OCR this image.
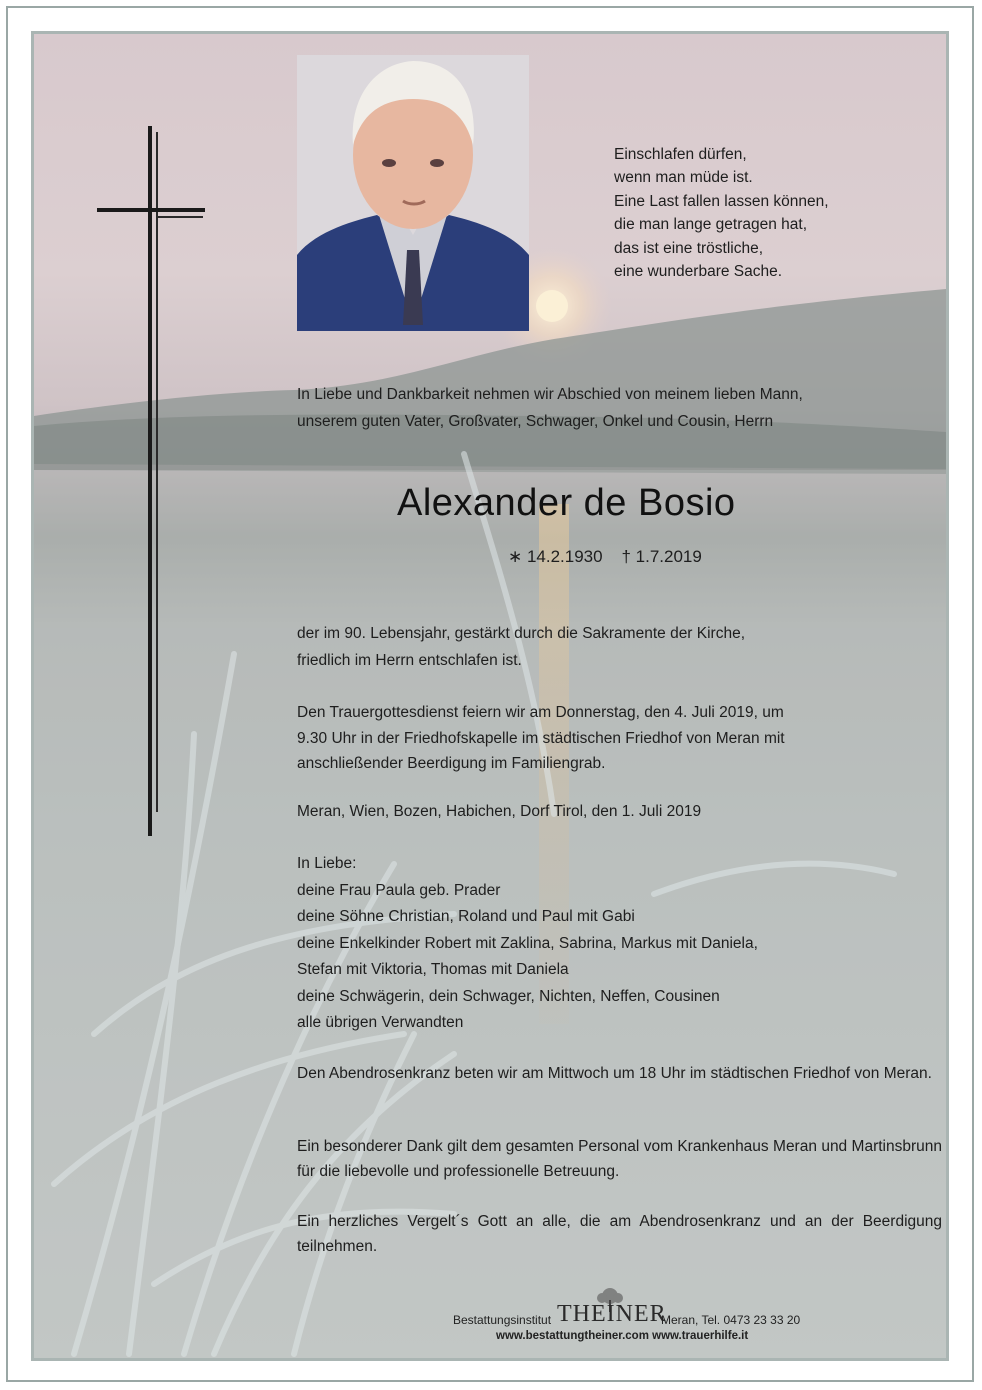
Einschlafen dürfen,
wenn man müde ist.
Eine Last fallen lassen können,
die man lange getragen hat,
das ist eine tröstliche,
eine wunderbare Sache.
In Liebe und Dankbarkeit nehmen wir Abschied von meinem lieben Mann,
unserem guten Vater, Großvater, Schwager, Onkel und Cousin, Herrn
Alexander de Bosio
∗ 14.2.1930    † 1.7.2019
der im 90. Lebensjahr, gestärkt durch die Sakramente der Kirche,
friedlich im Herrn entschlafen ist.
Den Trauergottesdienst feiern wir am Donnerstag, den 4. Juli 2019, um
9.30 Uhr in der Friedhofskapelle im städtischen Friedhof von Meran mit
anschließender Beerdigung im Familiengrab.
Meran, Wien, Bozen, Habichen, Dorf Tirol, den 1. Juli 2019
In Liebe:
deine Frau Paula geb. Prader
deine Söhne Christian, Roland und Paul mit Gabi
deine Enkelkinder Robert mit Zaklina, Sabrina, Markus mit Daniela,
Stefan mit Viktoria, Thomas mit Daniela
deine Schwägerin, dein Schwager, Nichten, Neffen, Cousinen
alle übrigen Verwandten
Den Abendrosenkranz beten wir am Mittwoch um 18 Uhr im städtischen Friedhof von Meran.
Ein besonderer Dank gilt dem gesamten Personal vom Krankenhaus Meran und Martinsbrunn für die liebevolle und professionelle Betreuung.
Ein herzliches Vergelt´s Gott an alle, die am Abendrosenkranz und an der Beerdigung teilnehmen.
Bestattungsinstitut THEINER
Meran, Tel. 0473 23 33 20
www.bestattungtheiner.com www.trauerhilfe.it
